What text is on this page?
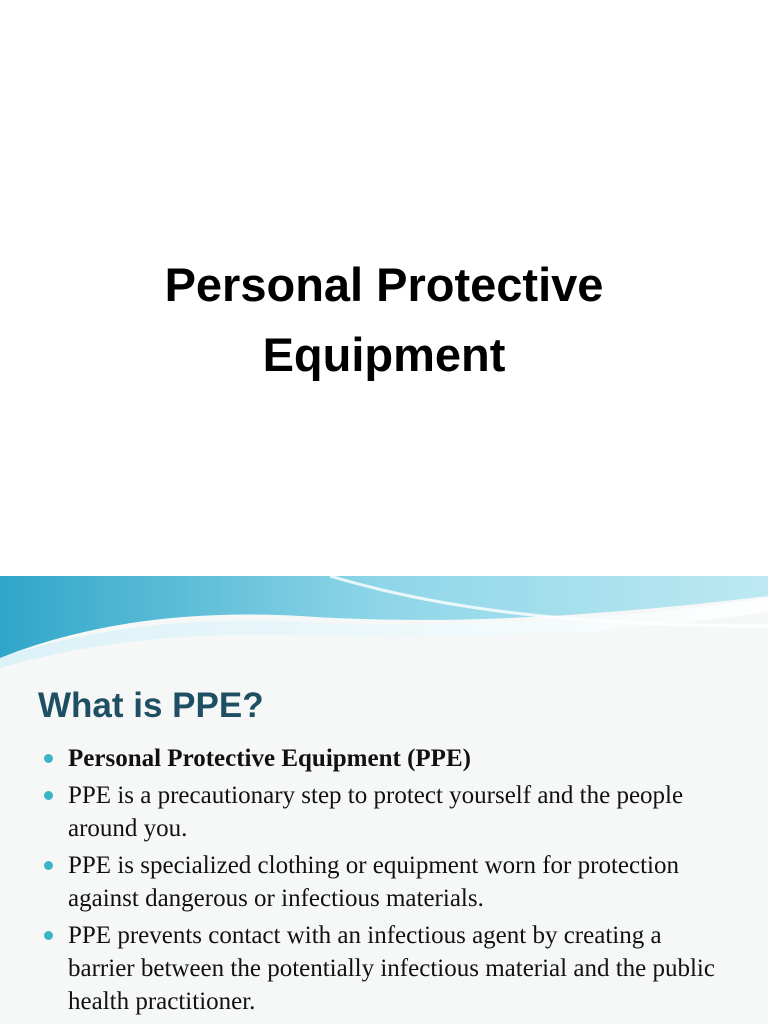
Personal Protective
Equipment
What is PPE?
Personal Protective Equipment (PPE)
PPE is a precautionary step to protect yourself and the people around you.
PPE is specialized clothing or equipment worn for protection against dangerous or infectious materials.
PPE prevents contact with an infectious agent by creating a barrier between the potentially infectious material and the public health practitioner.
